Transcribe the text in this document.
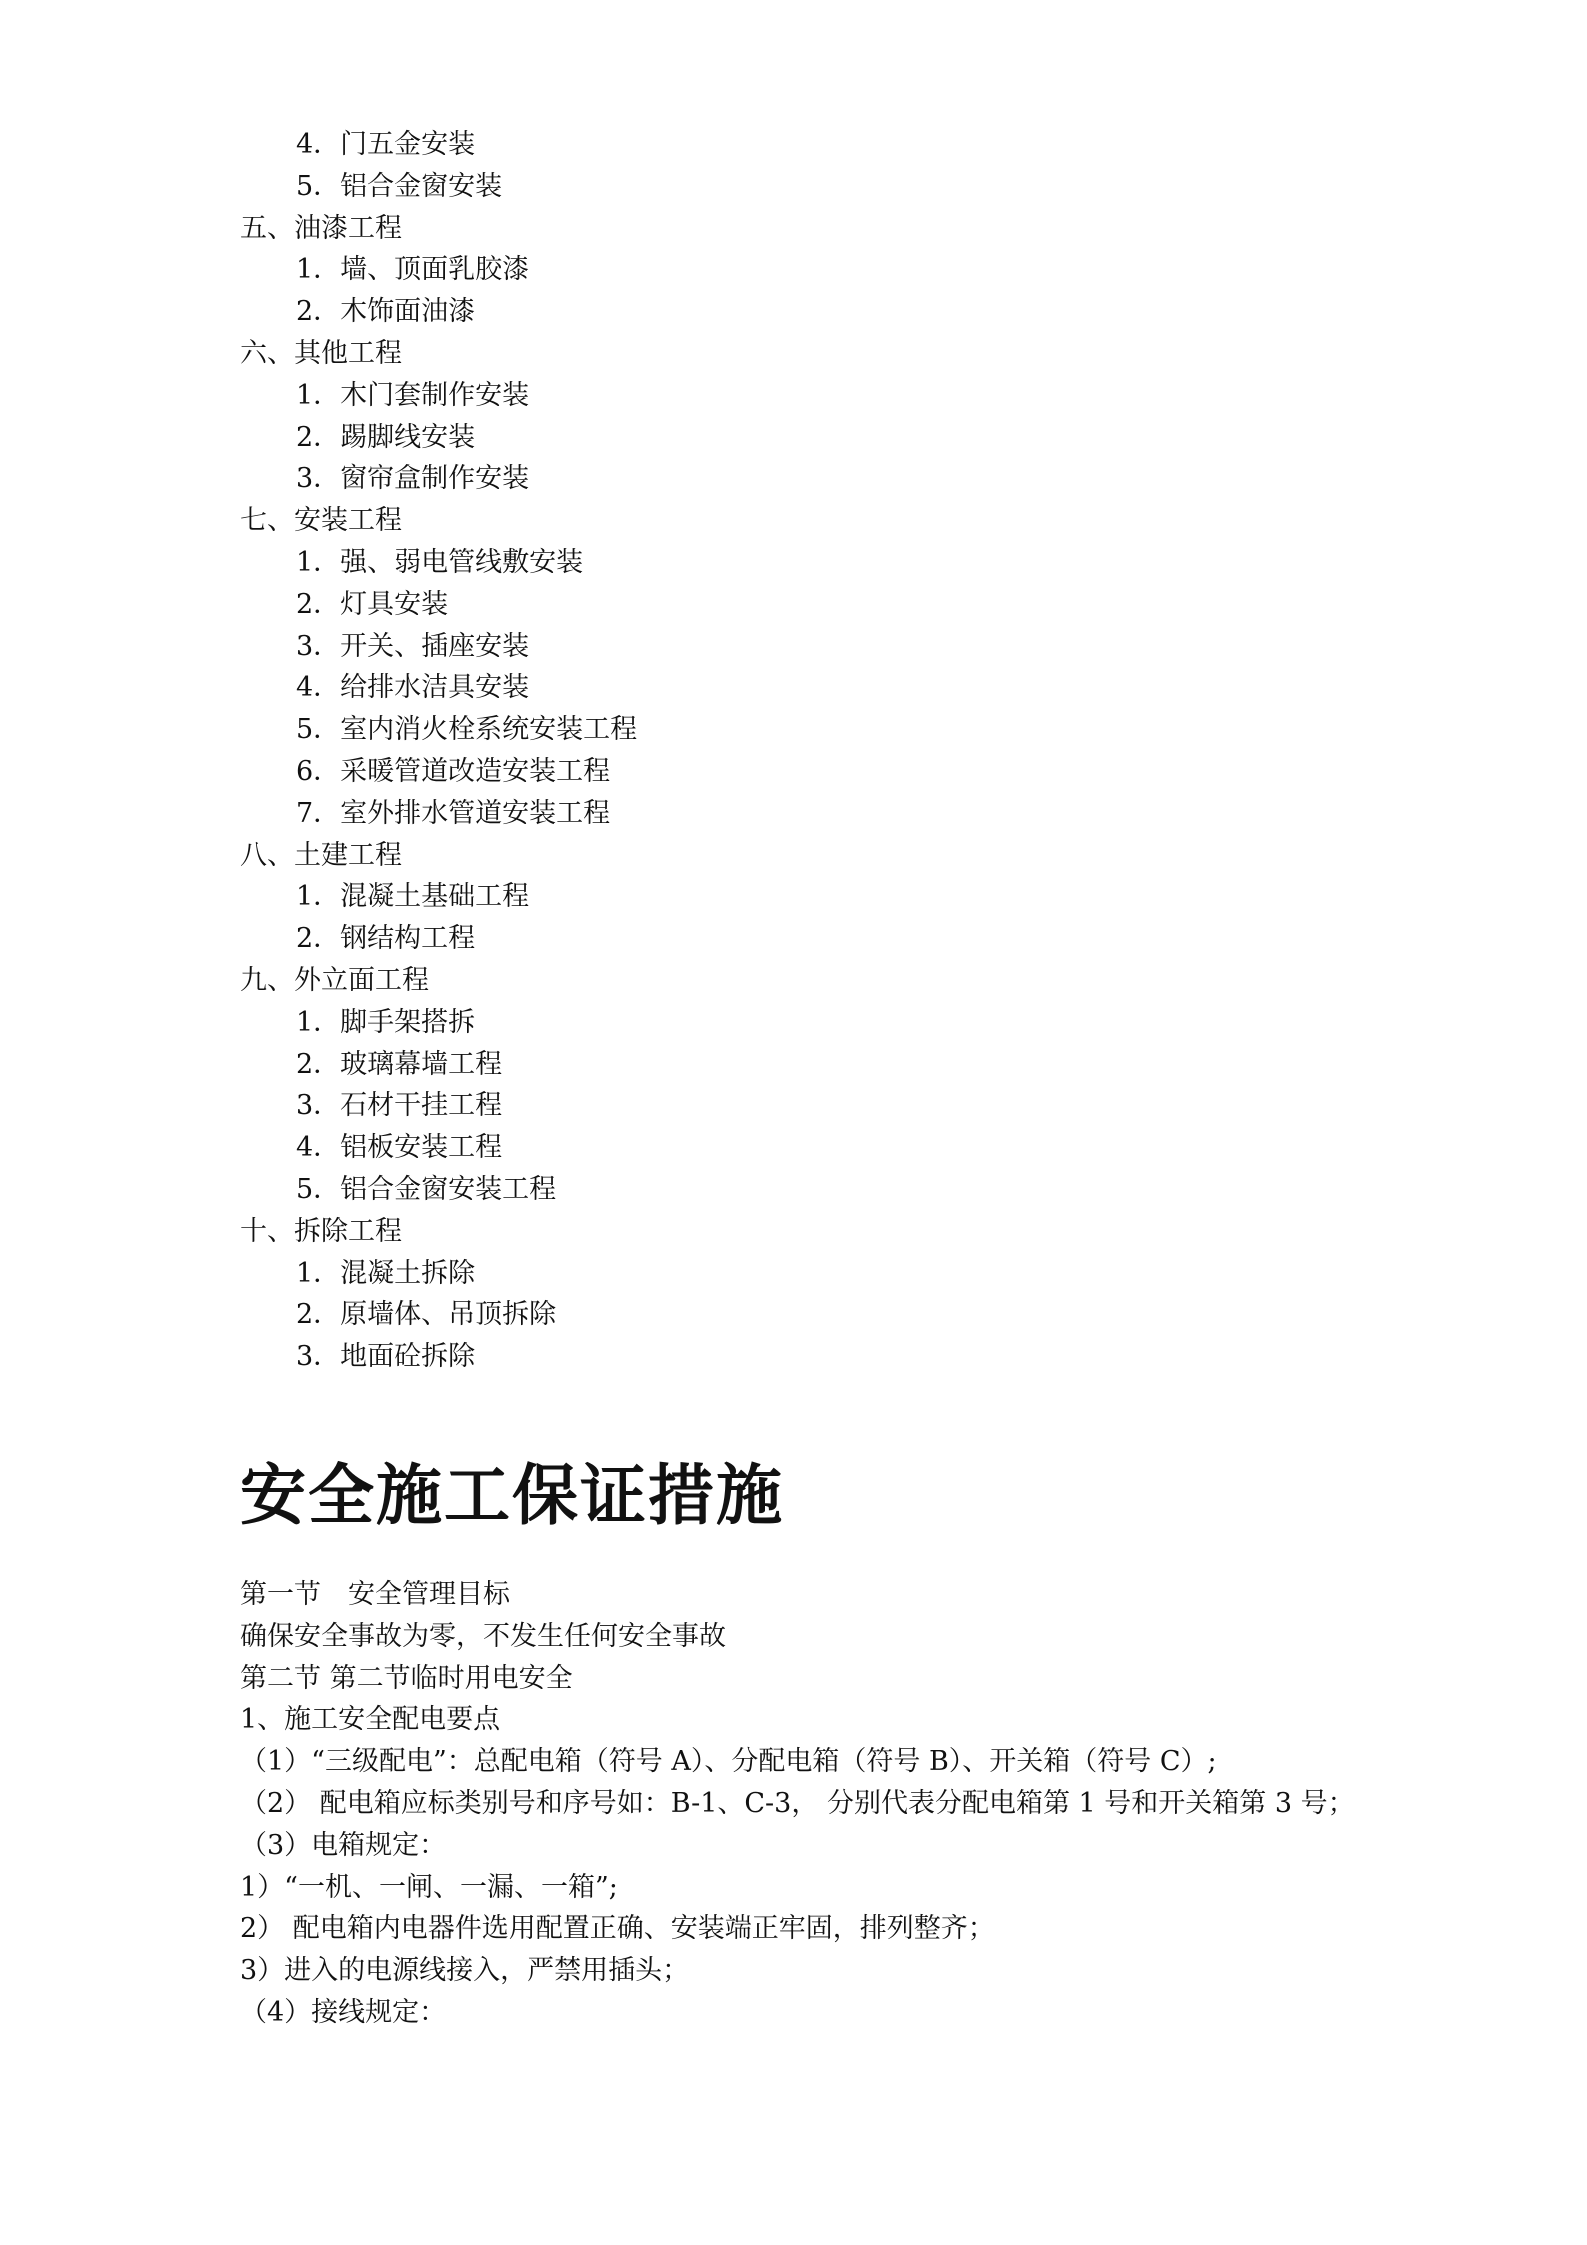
4．门五金安装
5．铝合金窗安装
五、油漆工程
1．墙、顶面乳胶漆
2．木饰面油漆
六、其他工程
1．木门套制作安装
2．踢脚线安装
3．窗帘盒制作安装
七、安装工程
1．强、弱电管线敷安装
2．灯具安装
3．开关、插座安装
4．给排水洁具安装
5．室内消火栓系统安装工程
6．采暖管道改造安装工程
7．室外排水管道安装工程
八、土建工程
1．混凝土基础工程
2．钢结构工程
九、外立面工程
1．脚手架搭拆
2．玻璃幕墙工程
3．石材干挂工程
4．铝板安装工程
5．铝合金窗安装工程
十、拆除工程
1．混凝土拆除
2．原墙体、吊顶拆除
3．地面砼拆除
安全施工保证措施
第一节　安全管理目标
确保安全事故为零，不发生任何安全事故
第二节 第二节临时用电安全
1、施工安全配电要点
（1）“三级配电”：总配电箱（符号 A）、分配电箱（符号 B）、开关箱（符号 C）;
（2） 配电箱应标类别号和序号如：B-1、C-3， 分别代表分配电箱第 1 号和开关箱第 3 号；
（3）电箱规定：
1）“一机、一闸、一漏、一箱”;
2） 配电箱内电器件选用配置正确、安装端正牢固，排列整齐；
3）进入的电源线接入，严禁用插头；
（4）接线规定：
